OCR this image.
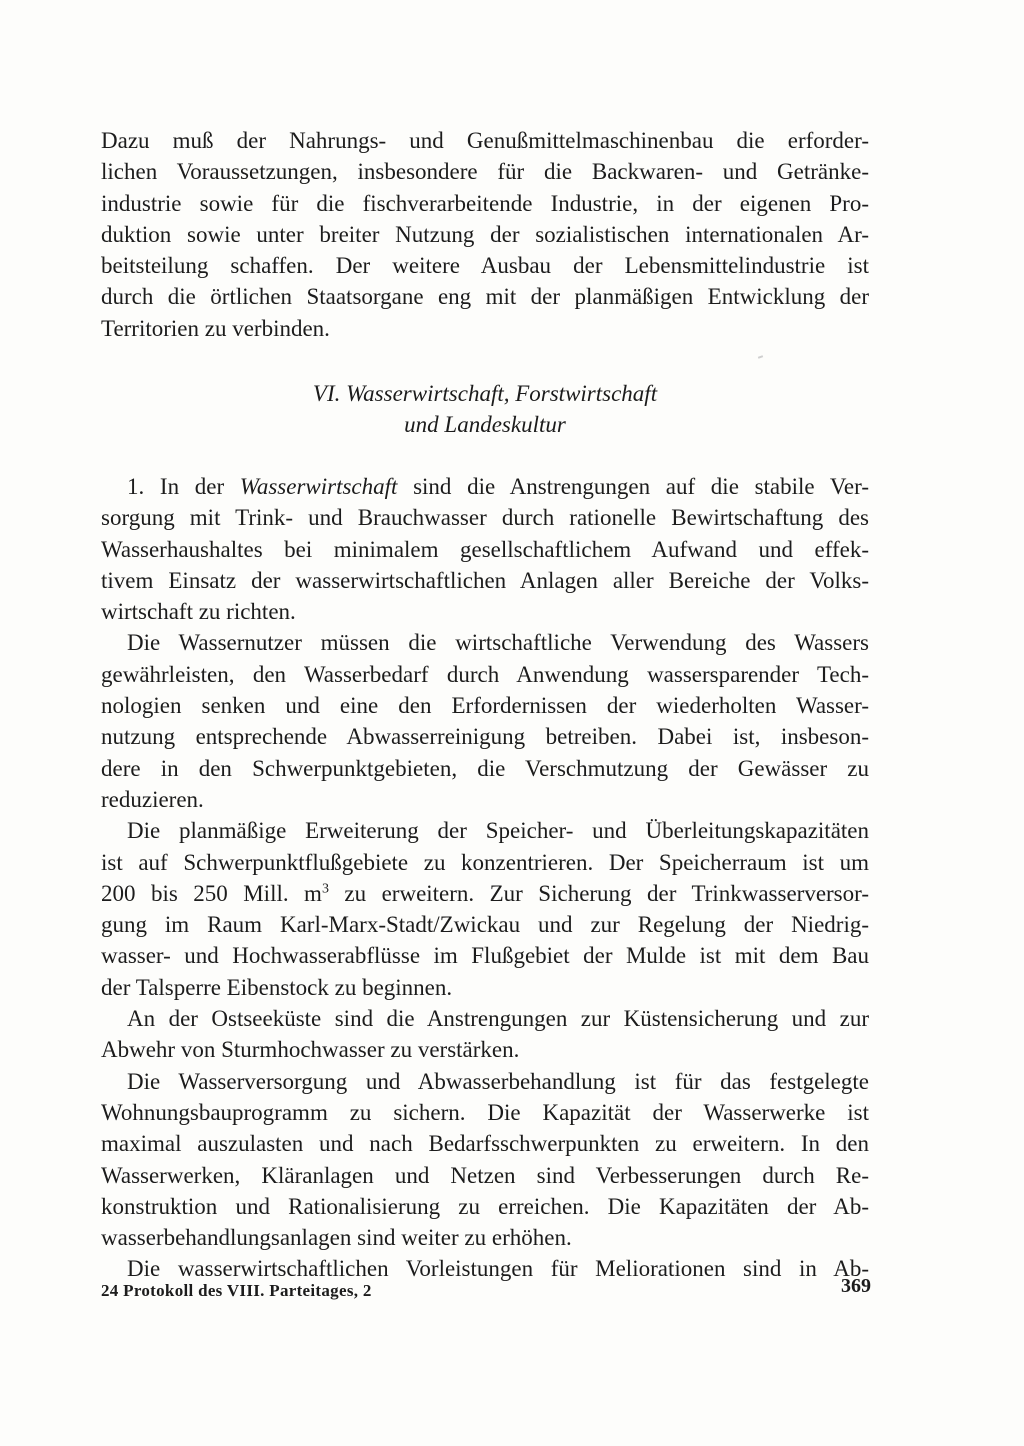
Dazu muß der Nahrungs- und Genußmittelmaschinenbau die erforder-
lichen Voraussetzungen, insbesondere für die Backwaren- und Getränke-
industrie sowie für die fischverarbeitende Industrie, in der eigenen Pro-
duktion sowie unter breiter Nutzung der sozialistischen internationalen Ar-
beitsteilung schaffen. Der weitere Ausbau der Lebensmittelindustrie ist
durch die örtlichen Staatsorgane eng mit der planmäßigen Entwicklung der
Territorien zu verbinden.
VI. Wasserwirtschaft, Forstwirtschaft
und Landeskultur
1. In der Wasserwirtschaft sind die Anstrengungen auf die stabile Ver-
sorgung mit Trink- und Brauchwasser durch rationelle Bewirtschaftung des
Wasserhaushaltes bei minimalem gesellschaftlichem Aufwand und effek-
tivem Einsatz der wasserwirtschaftlichen Anlagen aller Bereiche der Volks-
wirtschaft zu richten.
Die Wassernutzer müssen die wirtschaftliche Verwendung des Wassers
gewährleisten, den Wasserbedarf durch Anwendung wassersparender Tech-
nologien senken und eine den Erfordernissen der wiederholten Wasser-
nutzung entsprechende Abwasserreinigung betreiben. Dabei ist, insbeson-
dere in den Schwerpunktgebieten, die Verschmutzung der Gewässer zu
reduzieren.
Die planmäßige Erweiterung der Speicher- und Überleitungskapazitäten
ist auf Schwerpunktflußgebiete zu konzentrieren. Der Speicherraum ist um
200 bis 250 Mill. $m^3$ zu erweitern. Zur Sicherung der Trinkwasserversor-
gung im Raum Karl-Marx-Stadt/Zwickau und zur Regelung der Niedrig-
wasser- und Hochwasserabflüsse im Flußgebiet der Mulde ist mit dem Bau
der Talsperre Eibenstock zu beginnen.
An der Ostseeküste sind die Anstrengungen zur Küstensicherung und zur
Abwehr von Sturmhochwasser zu verstärken.
Die Wasserversorgung und Abwasserbehandlung ist für das festgelegte
Wohnungsbauprogramm zu sichern. Die Kapazität der Wasserwerke ist
maximal auszulasten und nach Bedarfsschwerpunkten zu erweitern. In den
Wasserwerken, Kläranlagen und Netzen sind Verbesserungen durch Re-
konstruktion und Rationalisierung zu erreichen. Die Kapazitäten der Ab-
wasserbehandlungsanlagen sind weiter zu erhöhen.
Die wasserwirtschaftlichen Vorleistungen für Meliorationen sind in Ab-
24 Protokoll des VIII. Parteitages, 2	369
